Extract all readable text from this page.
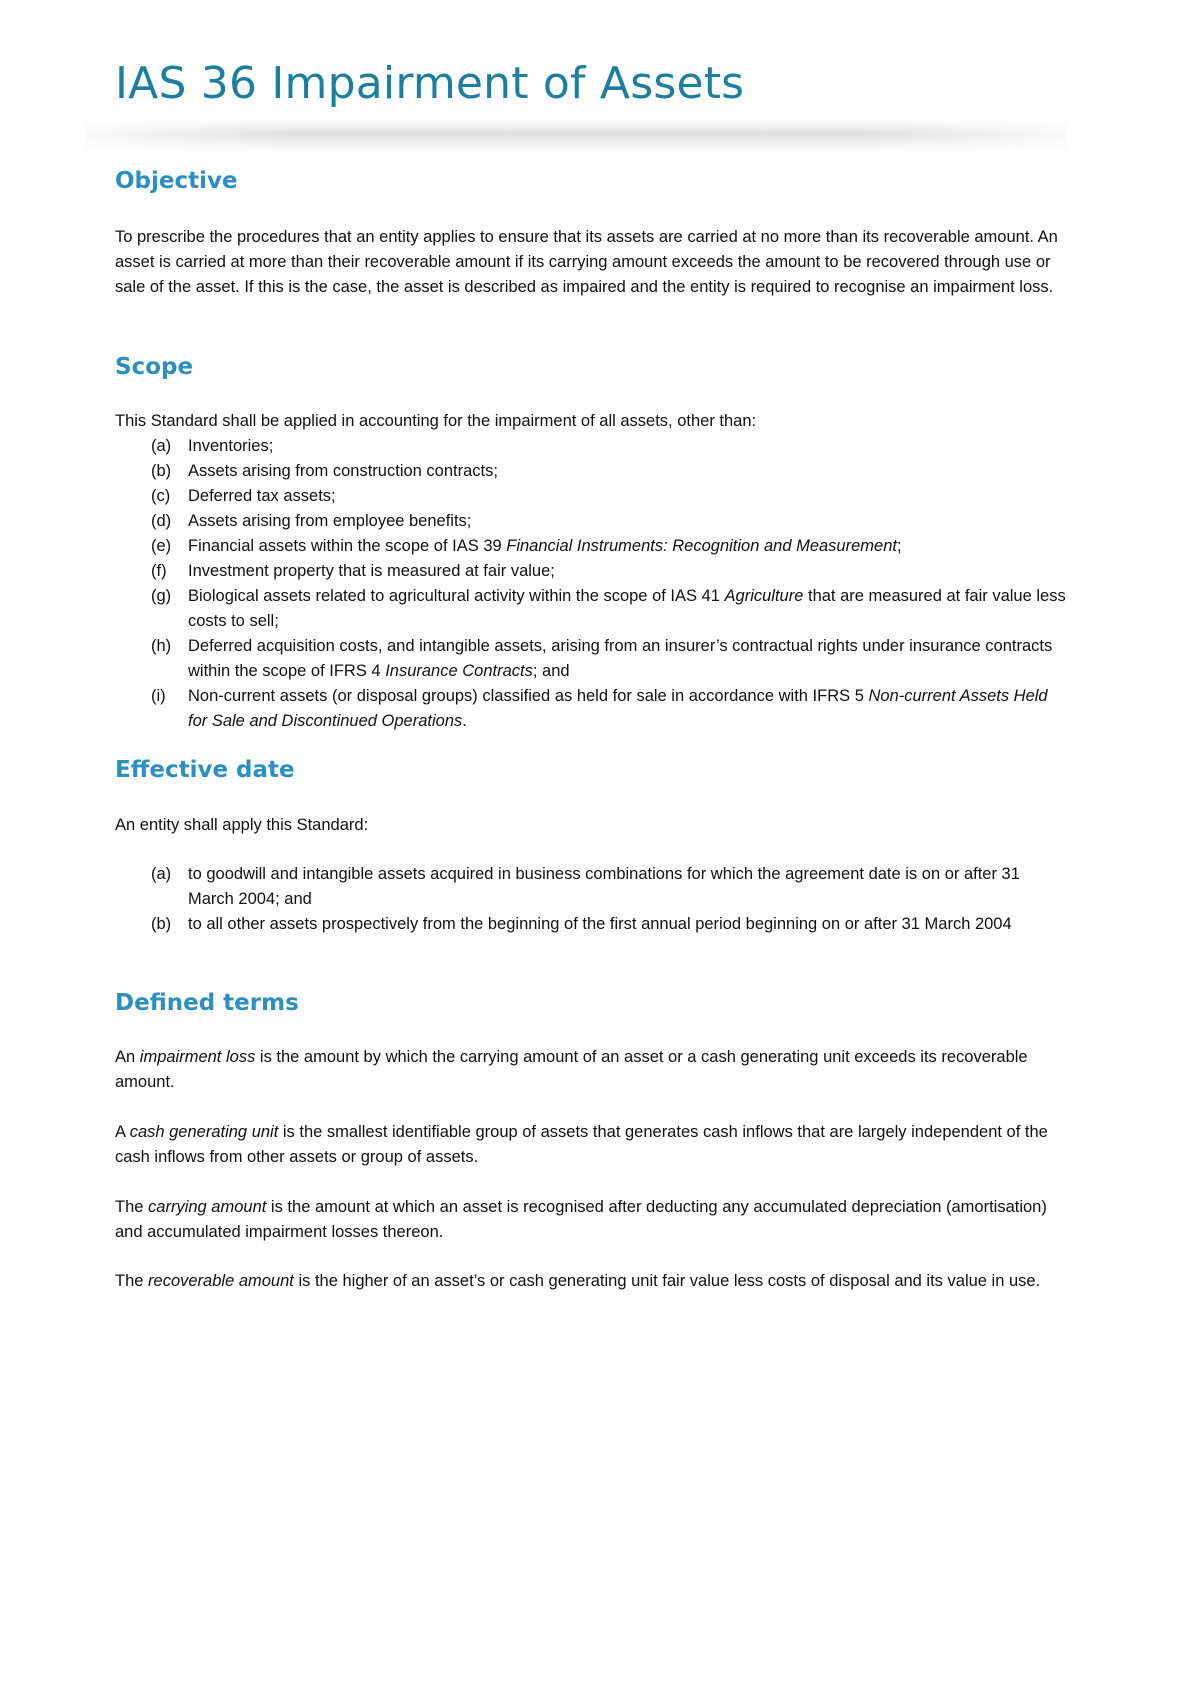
IAS 36 Impairment of Assets
Objective

To prescribe the procedures that an entity applies to ensure that its assets are carried at no more than its recoverable amount. An asset is carried at more than their recoverable amount if its carrying amount exceeds the amount to be recovered through use or sale of the asset. If this is the case, the asset is described as impaired and the entity is required to recognise an impairment loss.

Scope
This Standard shall be applied in accounting for the impairment of all assets, other than:
(a) Inventories;
(b) Assets arising from construction contracts;
(c) Deferred tax assets;
(d) Assets arising from employee benefits;
(e) Financial assets within the scope of IAS 39 Financial Instruments: Recognition and Measurement;
(f) Investment property that is measured at fair value;
(g) Biological assets related to agricultural activity within the scope of IAS 41 Agriculture that are measured at fair value less costs to sell;
(h) Deferred acquisition costs, and intangible assets, arising from an insurer’s contractual rights under insurance contracts within the scope of IFRS 4 Insurance Contracts; and
(i) Non-current assets (or disposal groups) classified as held for sale in accordance with IFRS 5 Non-current Assets Held for Sale and Discontinued Operations.
Effective date
An entity shall apply this Standard:
(a) to goodwill and intangible assets acquired in business combinations for which the agreement date is on or after 31 March 2004; and
(b) to all other assets prospectively from the beginning of the first annual period beginning on or after 31 March 2004
Defined terms

An impairment loss is the amount by which the carrying amount of an asset or a cash generating unit exceeds its recoverable amount.

A cash generating unit is the smallest identifiable group of assets that generates cash inflows that are largely independent of the cash inflows from other assets or group of assets.

The carrying amount is the amount at which an asset is recognised after deducting any accumulated depreciation (amortisation) and accumulated impairment losses thereon.

The recoverable amount is the higher of an asset’s or cash generating unit fair value less costs of disposal and its value in use.
